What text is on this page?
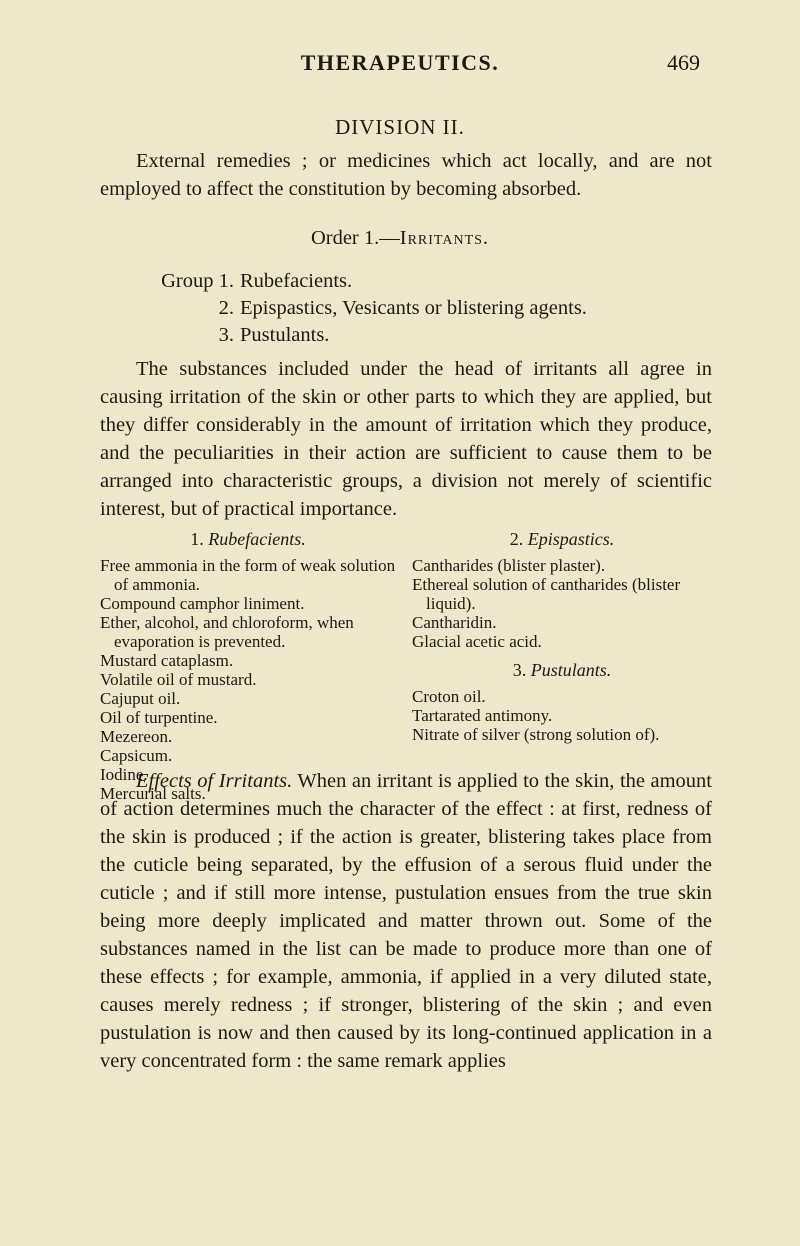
THERAPEUTICS.	469
DIVISION II.

External remedies ; or medicines which act locally, and are not employed to affect the constitution by becoming absorbed.

Order 1.—Irritants.
Group 1. Rubefacients.
2. Epispastics, Vesicants or blistering agents.
3. Pustulants.

The substances included under the head of irritants all agree in causing irritation of the skin or other parts to which they are applied, but they differ considerably in the amount of irritation which they produce, and the peculiarities in their action are sufficient to cause them to be arranged into characteristic groups, a division not merely of scientific interest, but of practical importance.

1. Rubefacients.
Free ammonia in the form of weak solution of ammonia.
Compound camphor liniment.
Ether, alcohol, and chloroform, when evaporation is prevented.
Mustard cataplasm.
Volatile oil of mustard.
Cajuput oil.
Oil of turpentine.
Mezereon.
Capsicum.
Iodine.
Mercurial salts.
2. Epispastics.
Cantharides (blister plaster).
Ethereal solution of cantharides (blister liquid).
Cantharidin.
Glacial acetic acid.
3. Pustulants.
Croton oil.
Tartarated antimony.
Nitrate of silver (strong solution of).

Effects of Irritants. When an irritant is applied to the skin, the amount of action determines much the character of the effect : at first, redness of the skin is produced ; if the action is greater, blistering takes place from the cuticle being separated, by the effusion of a serous fluid under the cuticle ; and if still more intense, pustulation ensues from the true skin being more deeply implicated and matter thrown out. Some of the substances named in the list can be made to produce more than one of these effects ; for example, ammonia, if applied in a very diluted state, causes merely redness ; if stronger, blistering of the skin ; and even pustulation is now and then caused by its long-continued application in a very concentrated form : the same remark applies
